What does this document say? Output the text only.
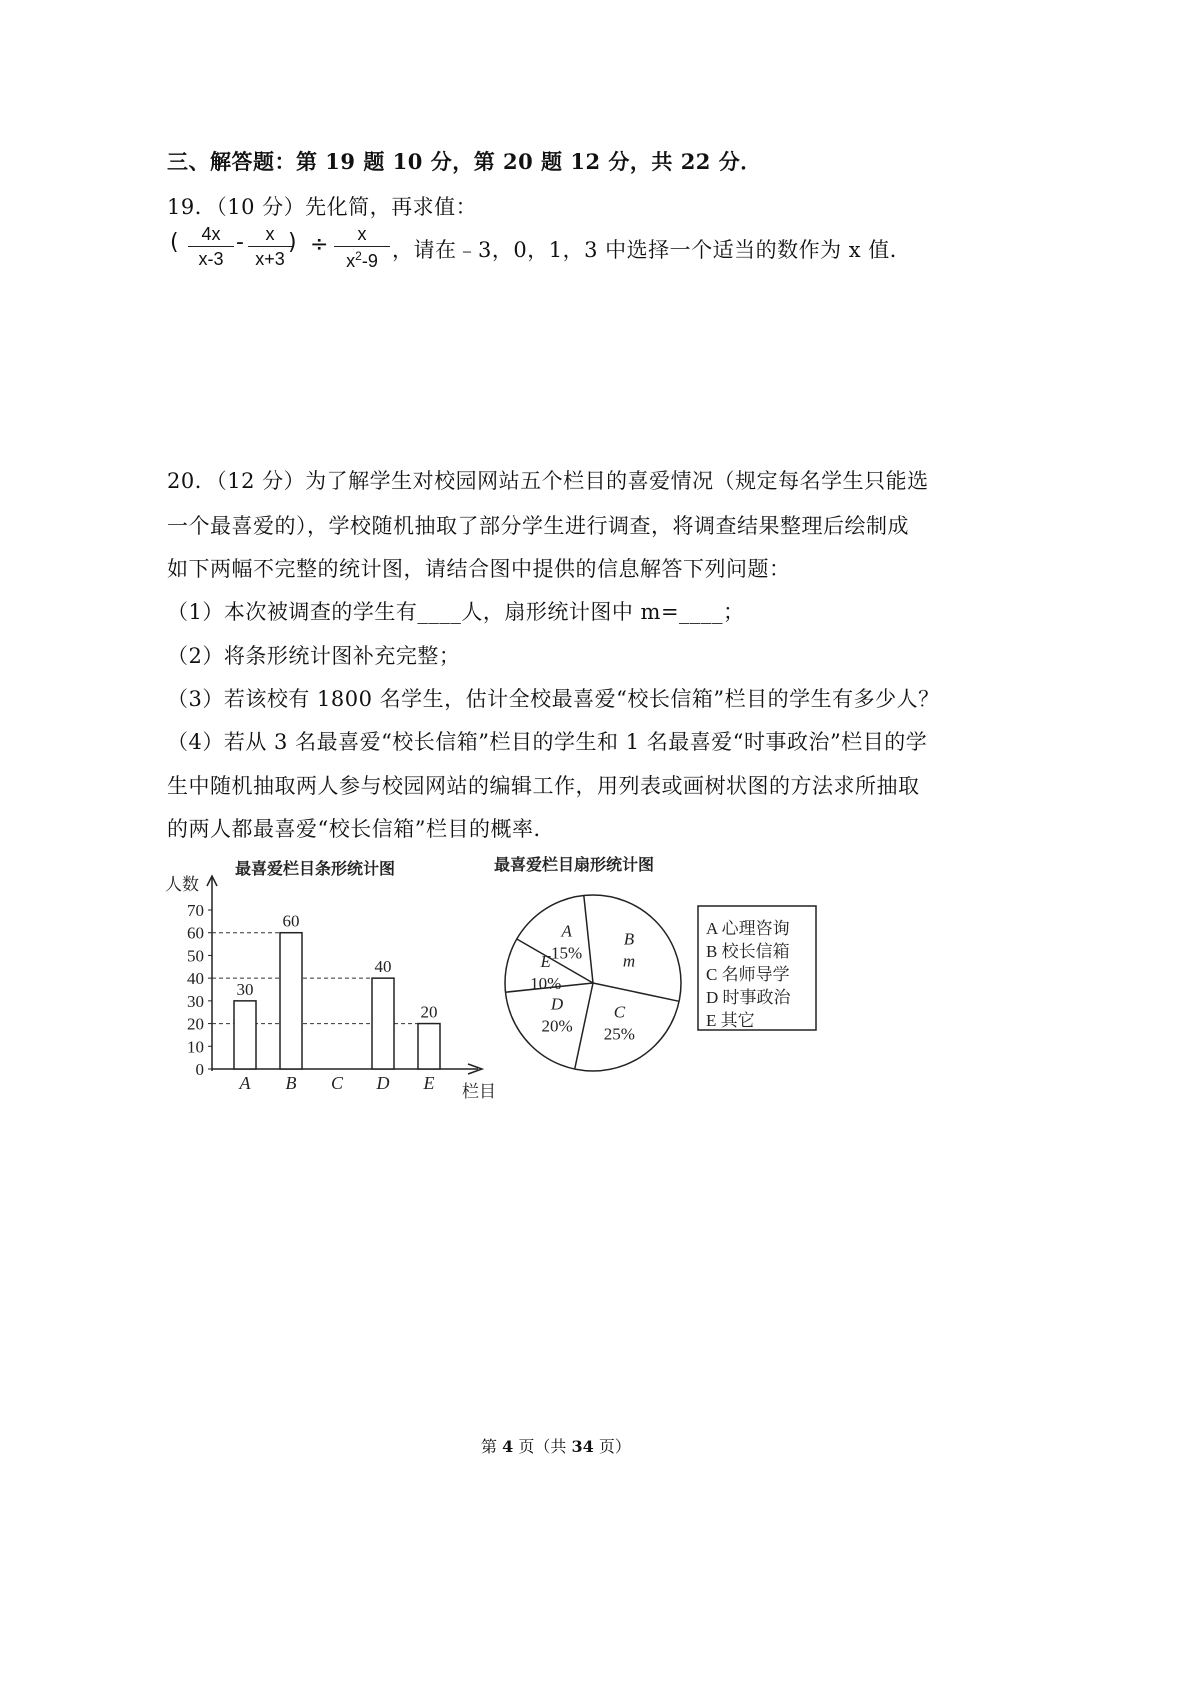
三、解答题：第 19 题 10 分，第 20 题 12 分，共 22 分．
19．（10 分）先化简，再求值：
( $\frac{4x}{x-3} - \frac{x}{x+3}$
) ÷ $\frac{x}{x^2-9}$ ，请在﹣3，0，1，3 中选择一个适当的数作为 x 值．
20．（12 分）为了解学生对校园网站五个栏目的喜爱情况（规定每名学生只能选
一个最喜爱的），学校随机抽取了部分学生进行调查，将调查结果整理后绘制成
如下两幅不完整的统计图，请结合图中提供的信息解答下列问题：
（1）本次被调查的学生有____人，扇形统计图中 m=____；
（2）将条形统计图补充完整；
（3）若该校有 1800 名学生，估计全校最喜爱“校长信箱”栏目的学生有多少人？
（4）若从 3 名最喜爱“校长信箱”栏目的学生和 1 名最喜爱“时事政治”栏目的学
生中随机抽取两人参与校园网站的编辑工作，用列表或画树状图的方法求所抽取
的两人都最喜爱“校长信箱”栏目的概率．
最喜爱栏目条形统计图
人数
栏目
0
10
20
30
40
50
60
70
30
A
60
B C
40
D
20
E
最喜爱栏目扇形统计图
A
15%
B
m
C
25%
D
20%
E
10%
A 心理咨询
B 校长信箱
C 名师导学
D 时事政治
E 其它
第 4 页（共 34 页）
